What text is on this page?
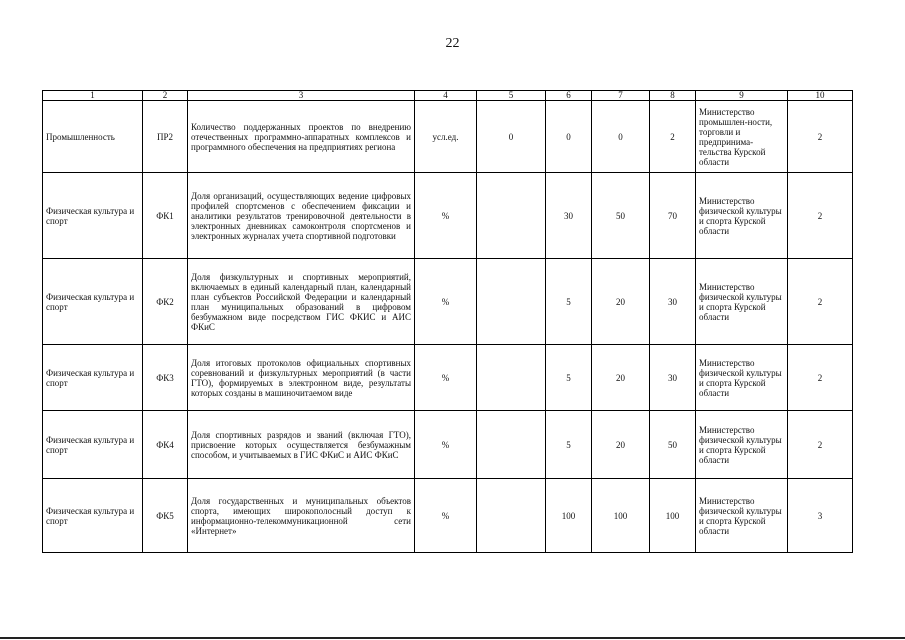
22
1	2	3	4	5	6	7	8	9	10
Промышленность	ПР2	Количество поддержанных проектов по внедрению отечественных программно-аппаратных комплексов и программного обеспечения на предприятиях региона	усл.ед.	0	0	0	2	Министерство промышлен-ности, торговли и предпринима-тельства Курской области	2
Физическая культура и спорт	ФК1	Доля организаций, осуществляющих ведение цифровых профилей спортсменов с обеспечением фиксации и аналитики результатов тренировочной деятельности в электронных дневниках самоконтроля спортсменов и электронных журналах учета спортивной подготовки	%		30	50	70	Министерство физической культуры и спорта Курской области	2
Физическая культура и спорт	ФК2	Доля физкультурных и спортивных мероприятий, включаемых в единый календарный план, календарный план субъектов Российской Федерации и календарный план муниципальных образований в цифровом безбумажном виде посредством ГИС ФКИС и АИС ФКиС	%		5	20	30	Министерство физической культуры и спорта Курской области	2
Физическая культура и спорт	ФК3	Доля итоговых протоколов официальных спортивных соревнований и физкультурных мероприятий (в части ГТО), формируемых в электронном виде, результаты которых созданы в машиночитаемом виде	%		5	20	30	Министерство физической культуры и спорта Курской области	2
Физическая культура и спорт	ФК4	Доля спортивных разрядов и званий (включая ГТО), присвоение которых осуществляется безбумажным способом, и учитываемых в ГИС ФКиС и АИС ФКиС	%		5	20	50	Министерство физической культуры и спорта Курской области	2
Физическая культура и спорт	ФК5	Доля государственных и муниципальных объектов спорта, имеющих широкополосный доступ к информационно-телекоммуникационной сети «Интернет»	%		100	100	100	Министерство физической культуры и спорта Курской области	3
